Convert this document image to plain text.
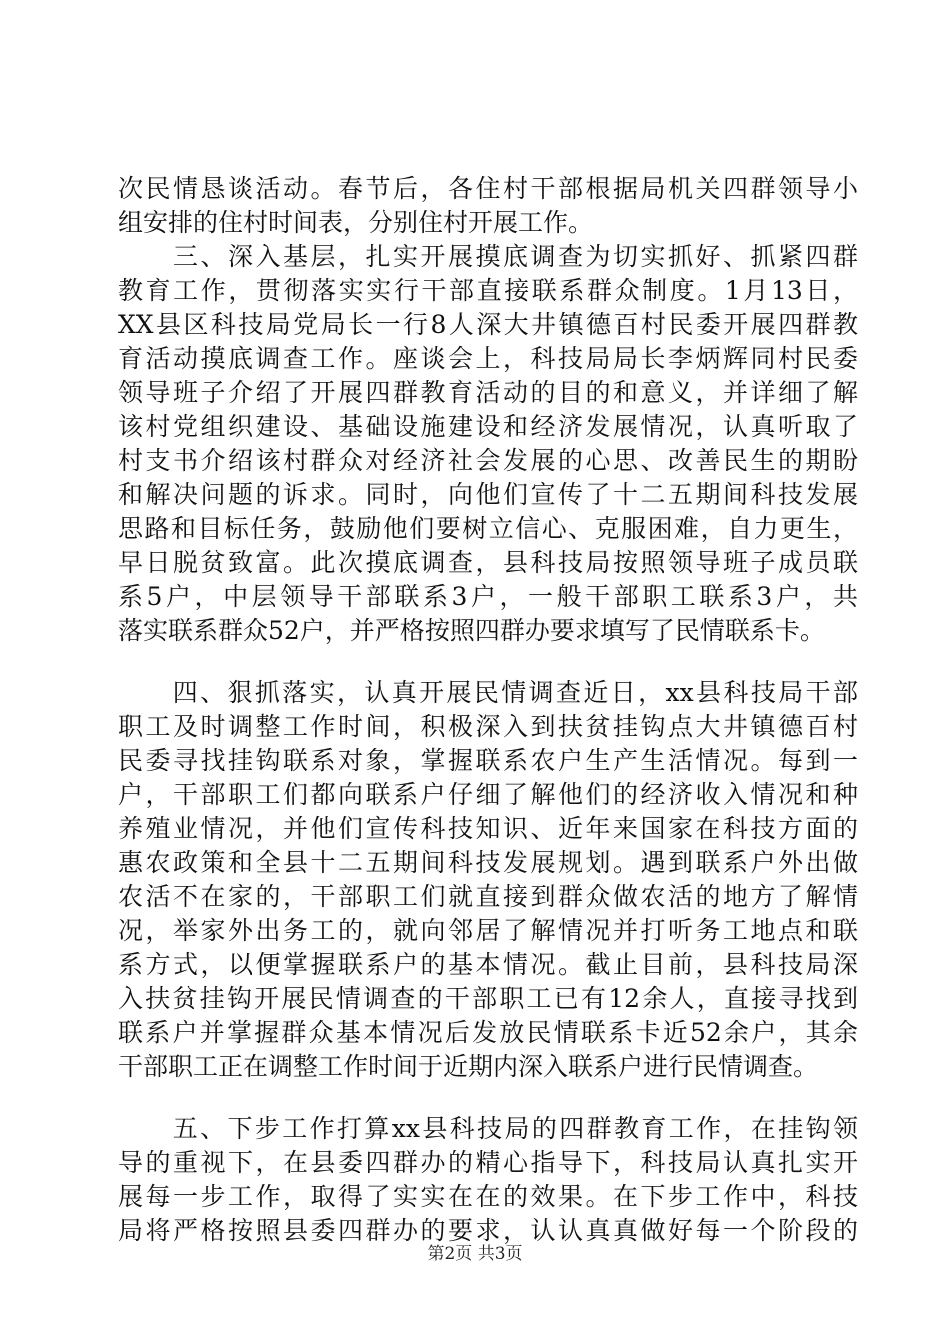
次民情恳谈活动。春节后，各住村干部根据局机关四群领导小
组安排的住村时间表，分别住村开展工作。
　　三、深入基层，扎实开展摸底调查为切实抓好、抓紧四群
教育工作，贯彻落实实行干部直接联系群众制度。1月13日，
XX县区科技局党局长一行8人深大井镇德百村民委开展四群教
育活动摸底调查工作。座谈会上，科技局局长李炳辉同村民委
领导班子介绍了开展四群教育活动的目的和意义，并详细了解
该村党组织建设、基础设施建设和经济发展情况，认真听取了
村支书介绍该村群众对经济社会发展的心思、改善民生的期盼
和解决问题的诉求。同时，向他们宣传了十二五期间科技发展
思路和目标任务，鼓励他们要树立信心、克服困难，自力更生，
早日脱贫致富。此次摸底调查，县科技局按照领导班子成员联
系5户，中层领导干部联系3户，一般干部职工联系3户，共
落实联系群众52户，并严格按照四群办要求填写了民情联系卡。
　　四、狠抓落实，认真开展民情调查近日，xx县科技局干部
职工及时调整工作时间，积极深入到扶贫挂钩点大井镇德百村
民委寻找挂钩联系对象，掌握联系农户生产生活情况。每到一
户，干部职工们都向联系户仔细了解他们的经济收入情况和种
养殖业情况，并他们宣传科技知识、近年来国家在科技方面的
惠农政策和全县十二五期间科技发展规划。遇到联系户外出做
农活不在家的，干部职工们就直接到群众做农活的地方了解情
况，举家外出务工的，就向邻居了解情况并打听务工地点和联
系方式，以便掌握联系户的基本情况。截止目前，县科技局深
入扶贫挂钩开展民情调查的干部职工已有12余人，直接寻找到
联系户并掌握群众基本情况后发放民情联系卡近52余户，其余
干部职工正在调整工作时间于近期内深入联系户进行民情调查。
　　五、下步工作打算xx县科技局的四群教育工作，在挂钩领
导的重视下，在县委四群办的精心指导下，科技局认真扎实开
展每一步工作，取得了实实在在的效果。在下步工作中，科技
局将严格按照县委四群办的要求，认认真真做好每一个阶段的
第2页 共3页
